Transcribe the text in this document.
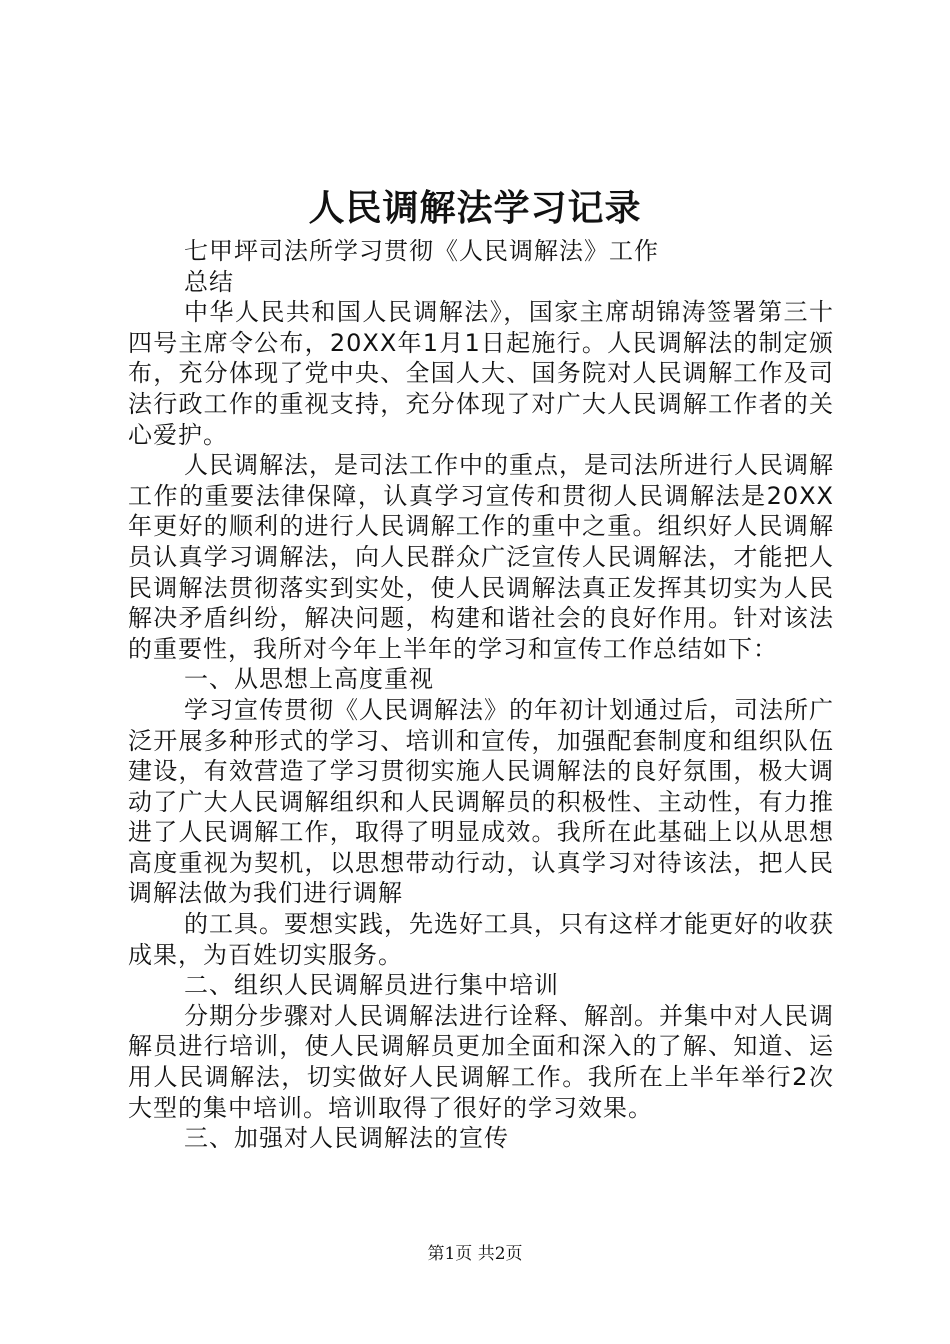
人民调解法学习记录

七甲坪司法所学习贯彻《人民调解法》工作

总结

中华人民共和国人民调解法》，国家主席胡锦涛签署第三十四号主席令公布，20XX年1月1日起施行。人民调解法的制定颁布，充分体现了党中央、全国人大、国务院对人民调解工作及司法行政工作的重视支持，充分体现了对广大人民调解工作者的关心爱护。

人民调解法，是司法工作中的重点，是司法所进行人民调解工作的重要法律保障，认真学习宣传和贯彻人民调解法是20XX年更好的顺利的进行人民调解工作的重中之重。组织好人民调解员认真学习调解法，向人民群众广泛宣传人民调解法，才能把人民调解法贯彻落实到实处，使人民调解法真正发挥其切实为人民解决矛盾纠纷，解决问题，构建和谐社会的良好作用。针对该法的重要性，我所对今年上半年的学习和宣传工作总结如下：

一、从思想上高度重视

学习宣传贯彻《人民调解法》的年初计划通过后，司法所广泛开展多种形式的学习、培训和宣传，加强配套制度和组织队伍建设，有效营造了学习贯彻实施人民调解法的良好氛围，极大调动了广大人民调解组织和人民调解员的积极性、主动性，有力推进了人民调解工作，取得了明显成效。我所在此基础上以从思想高度重视为契机，以思想带动行动，认真学习对待该法，把人民调解法做为我们进行调解

的工具。要想实践，先选好工具，只有这样才能更好的收获成果，为百姓切实服务。

二、组织人民调解员进行集中培训

分期分步骤对人民调解法进行诠释、解剖。并集中对人民调解员进行培训，使人民调解员更加全面和深入的了解、知道、运用人民调解法，切实做好人民调解工作。我所在上半年举行2次大型的集中培训。培训取得了很好的学习效果。

三、加强对人民调解法的宣传

第1页 共2页
